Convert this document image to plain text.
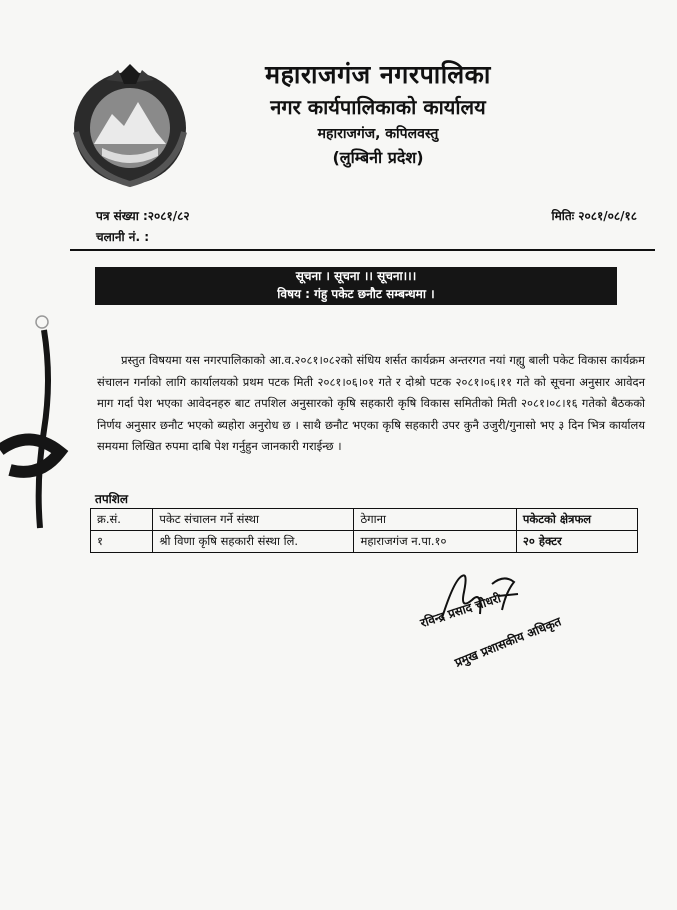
महाराजगंज नगरपालिका
नगर कार्यपालिकाको कार्यालय
महाराजगंज, कपिलवस्तु
(लुम्बिनी प्रदेश)
पत्र संख्या :२०८१/८२	मितिः २०८१/०८/१८
चलानी नं. :
सूचना । सूचना ।। सूचना।।।
विषय : गंहु पकेट छनौट सम्बन्धमा ।
प्रस्तुत विषयमा यस नगरपालिकाको आ.व.२०८१।०८२को संधिय शर्सत कार्यक्रम अन्तरगत नयां गह्यु बाली पकेट विकास कार्यक्रम संचालन गर्नाको लागि कार्यालयको प्रथम पटक मिती २०८१।०६।०१ गते र दोश्रो पटक २०८१।०६।११ गते को सूचना अनुसार आवेदन माग गर्दा पेश भएका आवेदनहरु बाट तपशिल अनुसारको कृषि सहकारी कृषि विकास समितीको मिती २०८१।०८।१६ गतेको बैठकको निर्णय अनुसार छनौट भएको ब्यहोरा अनुरोध छ । साथै छनौट भएका कृषि सहकारी उपर कुनै उजुरी/गुनासो भए ३ दिन भित्र कार्यालय समयमा लिखित रुपमा दाबि पेश गर्नुहुन जानकारी गराईन्छ ।
तपशिल
क्र.सं.	पकेट संचालन गर्ने संस्था	ठेगाना	पकेटको क्षेत्रफल
१	श्री विणा कृषि सहकारी संस्था लि.	महाराजगंज न.पा.१०	२० हेक्टर
रविन्द्र प्रसाद चौधरी
प्रमुख प्रशासकीय अधिकृत
